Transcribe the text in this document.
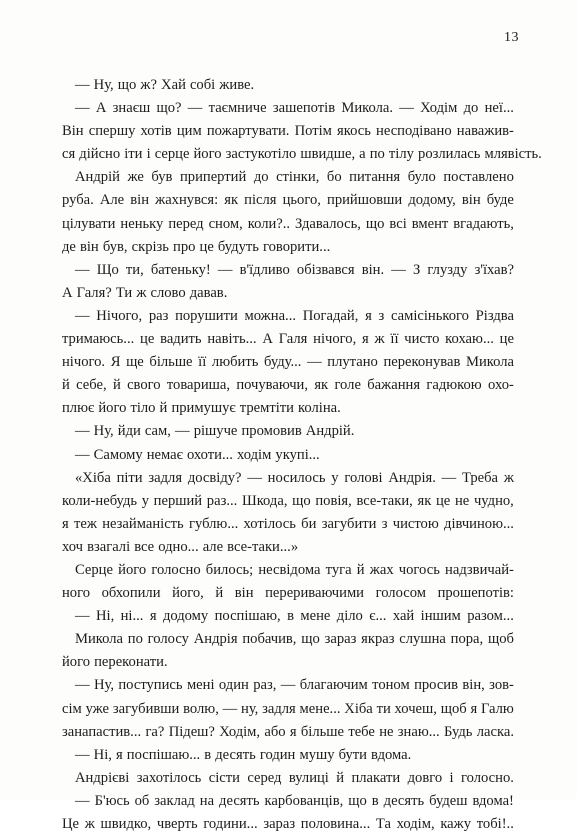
13
— Ну, що ж? Хай собі живе.
— А знаєш що? — таємниче зашепотів Микола. — Ходім до неї...
Він спершу хотів цим пожартувати. Потім якось несподівано наважив-
ся дійсно іти і серце його застукотіло швидше, а по тілу розлилась млявість.
Андрій же був припертий до стінки, бо питання було поставлено
руба. Але він жахнувся: як після цього, прийшовши додому, він буде
цілувати неньку перед сном, коли?.. Здавалось, що всі вмент вгадають,
де він був, скрізь про це будуть говорити...
— Що ти, батеньку! — в'їдливо обізвався він. — З глузду з'їхав?
А Галя? Ти ж слово давав.
— Нічого, раз порушити можна... Погадай, я з самісінького Різдва
тримаюсь... це вадить навіть... А Галя нічого, я ж її чисто кохаю... це
нічого. Я ще більше її любить буду... — плутано переконував Микола
й себе, й свого товариша, почуваючи, як голе бажання гадюкою охо-
плює його тіло й примушує тремтіти коліна.
— Ну, йди сам, — рішуче промовив Андрій.
— Самому немає охоти... ходім укупі...
«Хіба піти задля досвіду? — носилось у голові Андрія. — Треба ж
коли-небудь у перший раз... Шкода, що повія, все-таки, як це не чудно,
я теж незайманість гублю... хотілось би загубити з чистою дівчиною...
хоч взагалі все одно... але все-таки...»
Серце його голосно билось; несвідома туга й жах чогось надзвичай-
ного обхопили його, й він перериваючими голосом прошепотів:
— Ні, ні... я додому поспішаю, в мене діло є... хай іншим разом...
Микола по голосу Андрія побачив, що зараз якраз слушна пора, щоб
його переконати.
— Ну, поступись мені один раз, — благаючим тоном просив він, зов-
сім уже загубивши волю, — ну, задля мене... Хіба ти хочеш, щоб я Галю
занапастив... га? Підеш? Ходім, або я більше тебе не знаю... Будь ласка.
— Ні, я поспішаю... в десять годин мушу бути вдома.
Андрієві захотілось сісти серед вулиці й плакати довго і голосно.
— Б'юсь об заклад на десять карбованців, що в десять будеш вдома!
Це ж швидко, чверть години... зараз половина... Та ходім, кажу тобі!..
